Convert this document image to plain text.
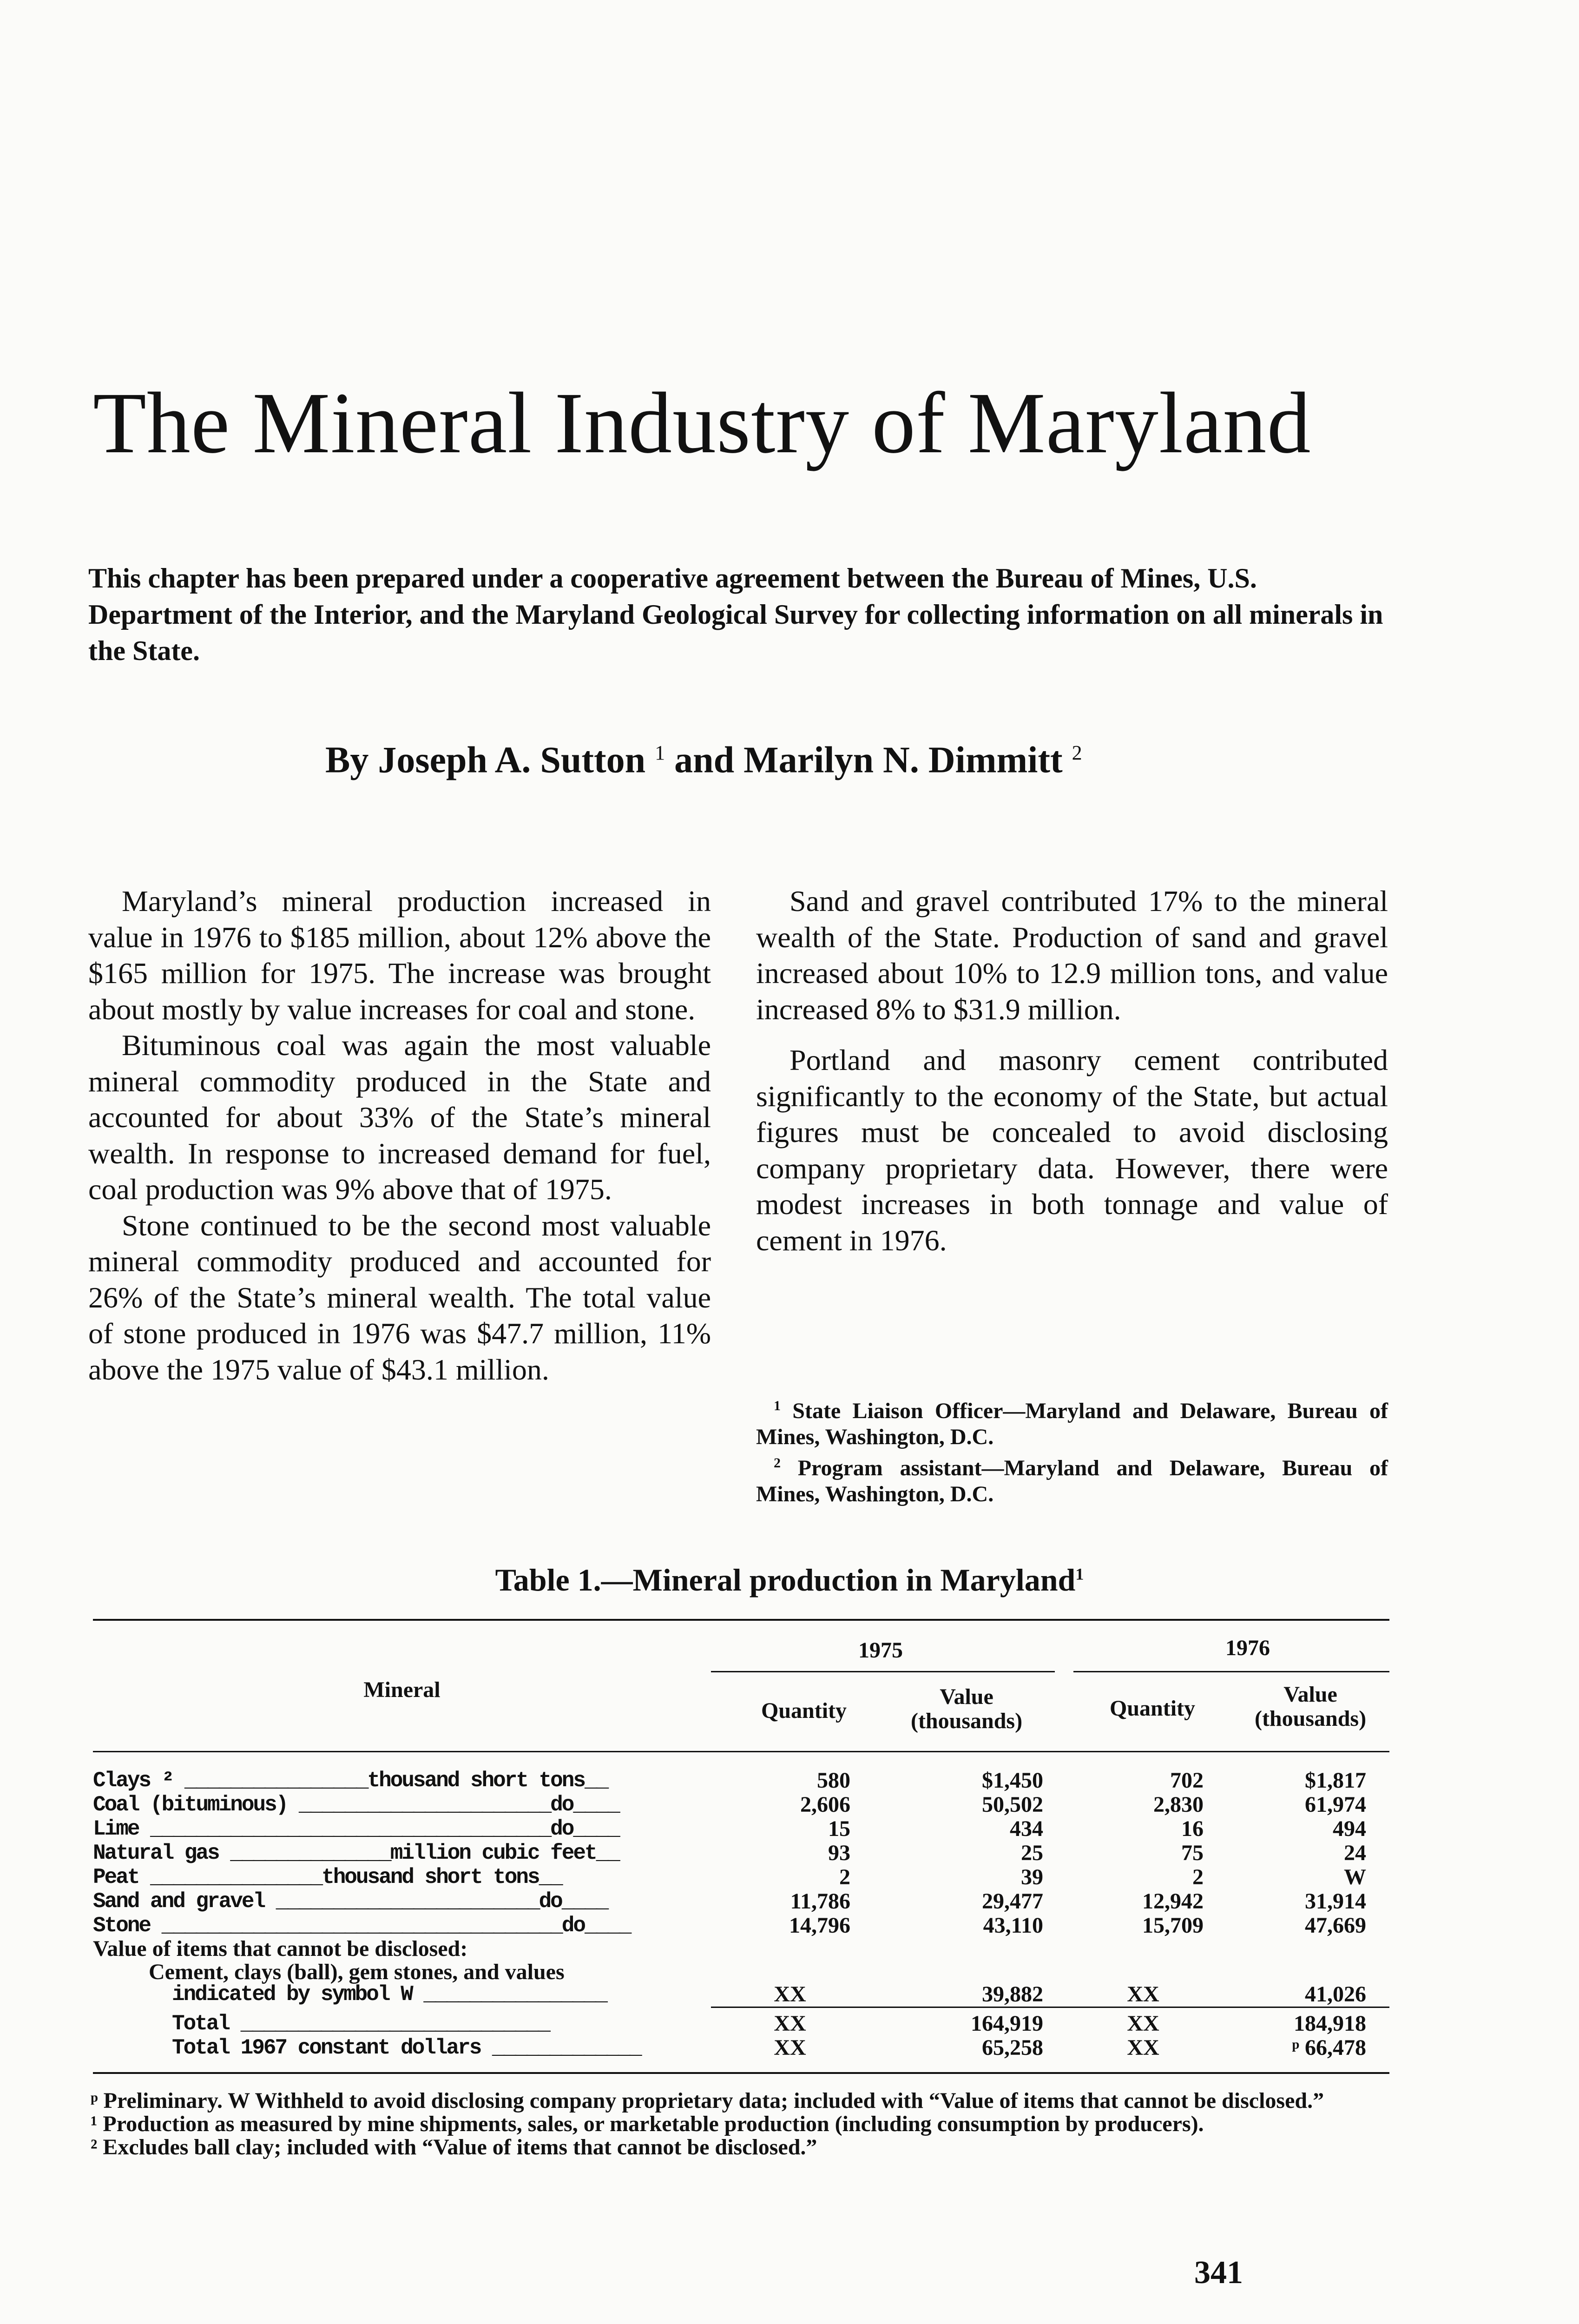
The Mineral Industry of Maryland
This chapter has been prepared under a cooperative agreement between the Bureau of Mines, U.S. Department of the Interior, and the Maryland Geological Survey for collecting information on all minerals in the State.
By Joseph A. Sutton $^1$ and Marilyn N. Dimmitt $^2$

Maryland’s mineral production increased in value in 1976 to $185 million, about 12% above the $165 million for 1975. The increase was brought about mostly by value increases for coal and stone.

Bituminous coal was again the most valuable mineral commodity produced in the State and accounted for about 33% of the State’s mineral wealth. In response to increased demand for fuel, coal production was 9% above that of 1975.

Stone continued to be the second most valuable mineral commodity produced and accounted for 26% of the State’s mineral wealth. The total value of stone produced in 1976 was $47.7 million, 11% above the 1975 value of $43.1 million.

Sand and gravel contributed 17% to the mineral wealth of the State. Production of sand and gravel increased about 10% to 12.9 million tons, and value increased 8% to $31.9 million.

Portland and masonry cement contributed significantly to the economy of the State, but actual figures must be concealed to avoid disclosing company proprietary data. However, there were modest increases in both tonnage and value of cement in 1976.

$^1$ State Liaison Officer—Maryland and Delaware, Bureau of Mines, Washington, D.C.

$^2$ Program assistant—Maryland and Delaware, Bureau of Mines, Washington, D.C.

Table 1.—Mineral production in Maryland$^1$
Mineral
1975	1976
Quantity
Value
(thousands)
Quantity
Value
(thousands)
Clays ² ________________thousand short tons__	580	$1,450	702	$1,817
Coal (bituminous) ______________________do____	2,606	50,502	2,830	61,974
Lime ___________________________________do____	15	434	16	494
Natural gas ______________million cubic feet__	93	25	75	24
Peat _______________thousand short tons__	2	39	2	W
Sand and gravel _______________________do____	11,786	29,477	12,942	31,914
Stone ___________________________________do____	14,796	43,110	15,709	47,669
Value of items that cannot be disclosed:
Cement, clays (ball), gem stones, and values
indicated by symbol W ________________	XX	39,882	XX	41,026
Total ___________________________	XX	164,919	XX	184,918
Total 1967 constant dollars _____________	XX	65,258	XX	ᵖ 66,478

ᵖ Preliminary. W Withheld to avoid disclosing company proprietary data; included with “Value of items that cannot be disclosed.”

¹ Production as measured by mine shipments, sales, or marketable production (including consumption by producers).

² Excludes ball clay; included with “Value of items that cannot be disclosed.”

341
